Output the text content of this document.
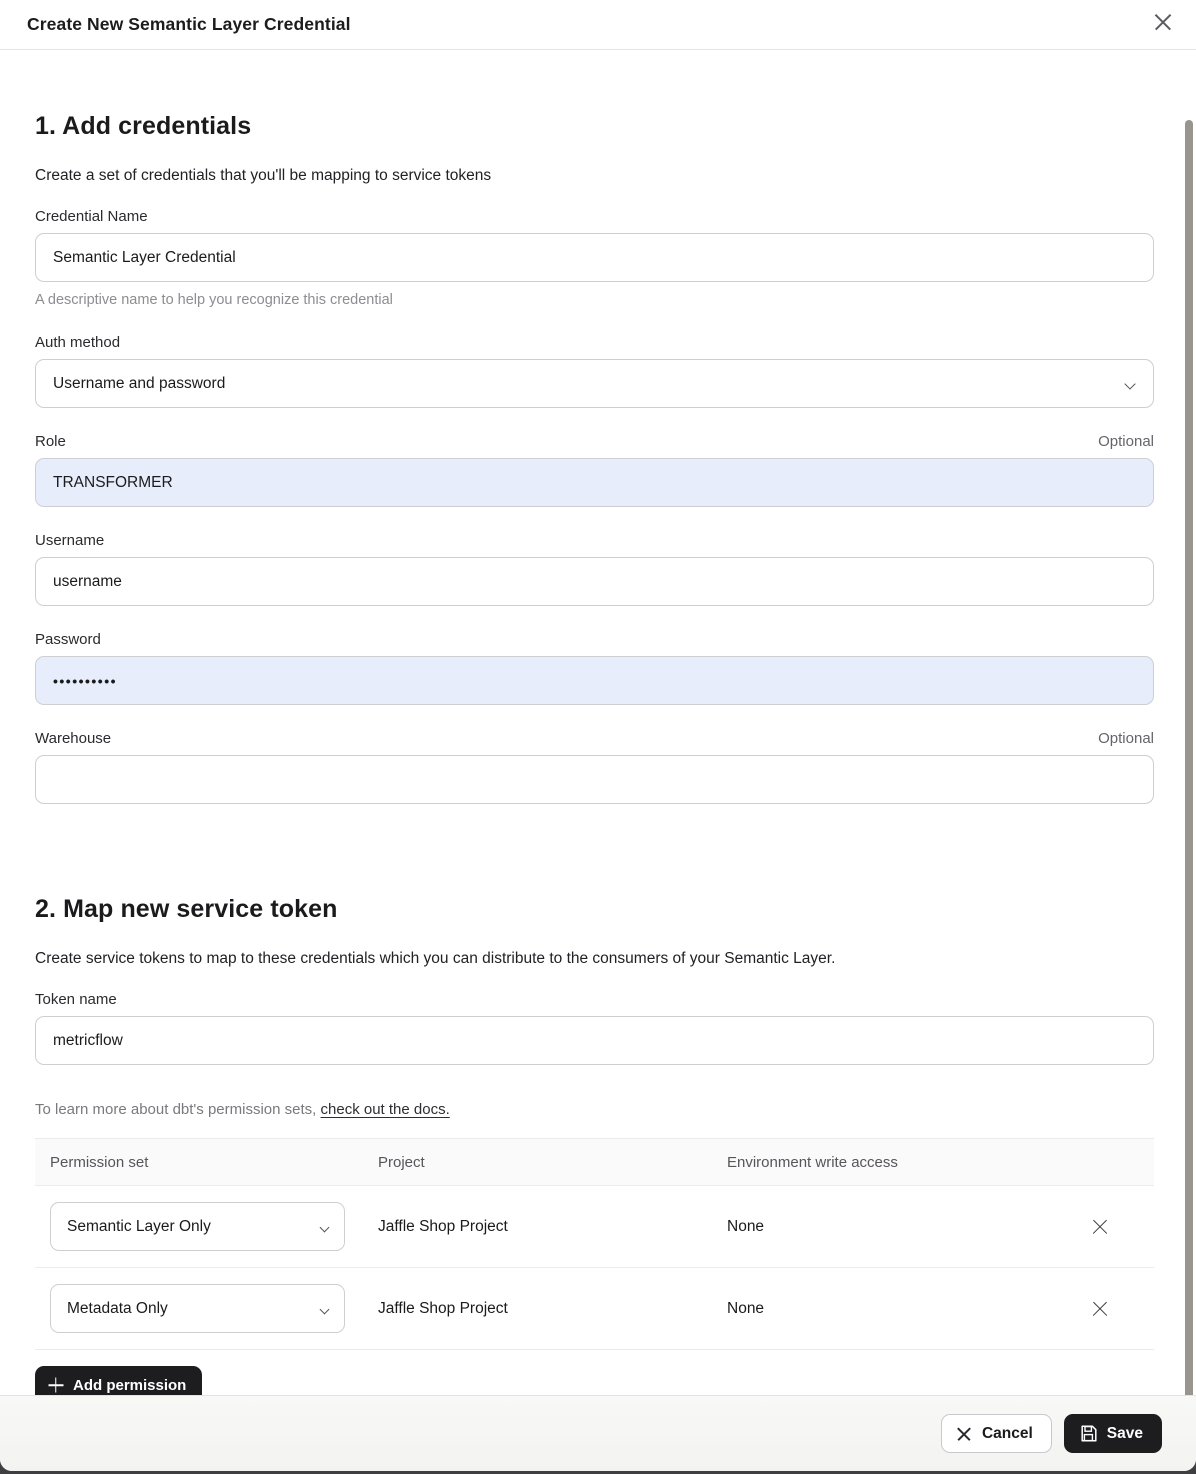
Create New Semantic Layer Credential
1. Add credentials
Create a set of credentials that you'll be mapping to service tokens
Credential Name
Semantic Layer Credential
A descriptive name to help you recognize this credential
Auth method
Username and password
Role	Optional
TRANSFORMER
Username
username
Password
••••••••••
Warehouse	Optional
2. Map new service token
Create service tokens to map to these credentials which you can distribute to the consumers of your Semantic Layer.
Token name
metricflow
To learn more about dbt's permission sets, check out the docs.
Permission set	Project	Environment write access
Semantic Layer Only	Jaffle Shop Project	None
Metadata Only	Jaffle Shop Project	None
Add permission
Cancel	Save
